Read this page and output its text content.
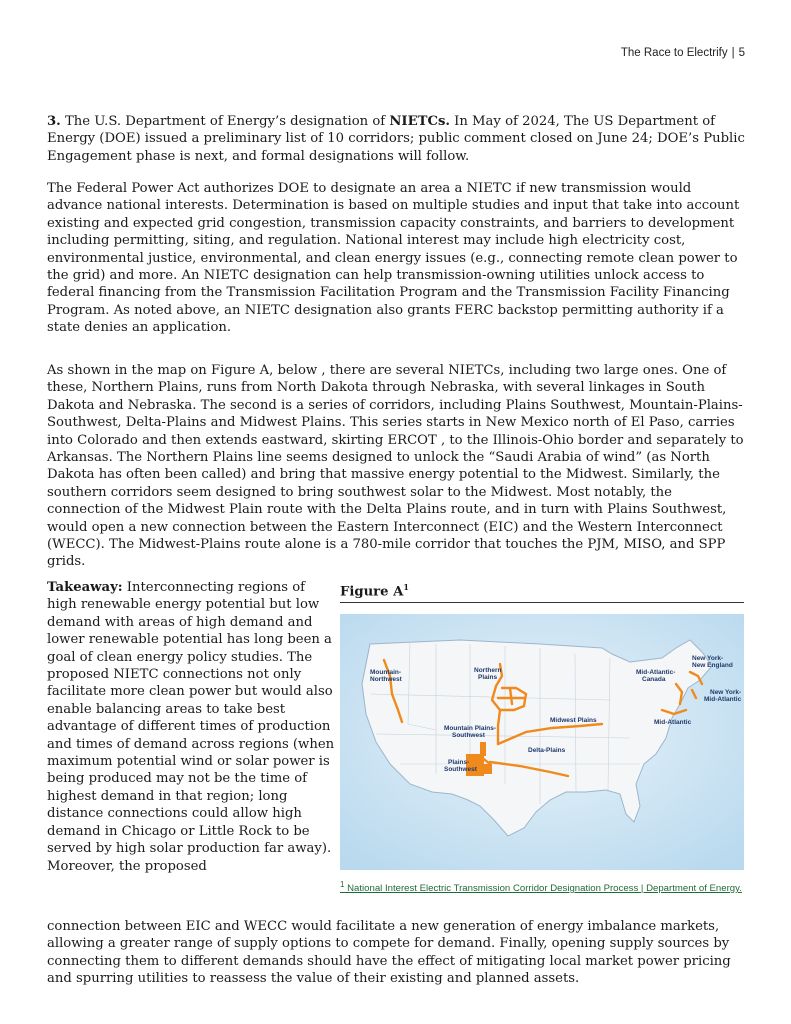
The Race to Electrify | 5

3. The U.S. Department of Energy’s designation of NIETCs. In May of 2024, The US Department of Energy (DOE) issued a preliminary list of 10 corridors; public comment closed on June 24; DOE’s Public Engagement phase is next, and formal designations will follow.

The Federal Power Act authorizes DOE to designate an area a NIETC if new transmission would advance national interests. Determination is based on multiple studies and input that take into account existing and expected grid congestion, transmission capacity constraints, and barriers to development including permitting, siting, and regulation. National interest may include high electricity cost, environmental justice, environmental, and clean energy issues (e.g., connecting remote clean power to the grid) and more. An NIETC designation can help transmission-owning utilities unlock access to federal financing from the Transmission Facilitation Program and the Transmission Facility Financing Program. As noted above, an NIETC designation also grants FERC backstop permitting authority if a state denies an application.

As shown in the map on Figure A, below , there are several NIETCs, including two large ones. One of these, Northern Plains, runs from North Dakota through Nebraska, with several linkages in South Dakota and Nebraska. The second is a series of corridors, including Plains Southwest, Mountain-Plains-Southwest, Delta-Plains and Midwest Plains. This series starts in New Mexico north of El Paso, carries into Colorado and then extends eastward, skirting ERCOT , to the Illinois-Ohio border and separately to Arkansas. The Northern Plains line seems designed to unlock the “Saudi Arabia of wind” (as North Dakota has often been called) and bring that massive energy potential to the Midwest. Similarly, the southern corridors seem designed to bring southwest solar to the Midwest. Most notably, the connection of the Midwest Plain route with the Delta Plains route, and in turn with Plains Southwest, would open a new connection between the Eastern Interconnect (EIC) and the Western Interconnect (WECC). The Midwest-Plains route alone is a 780-mile corridor that touches the PJM, MISO, and SPP grids.

Takeaway: Interconnecting regions of high renewable energy potential but low demand with areas of high demand and lower renewable potential has long been a goal of clean energy policy studies. The proposed NIETC connections not only facilitate more clean power but would also enable balancing areas to take best advantage of different times of production and times of demand across regions (when maximum potential wind or solar power is being produced may not be the time of highest demand in that region; long distance connections could allow high demand in Chicago or Little Rock to be served by high solar production far away). Moreover, the proposed
connection between EIC and WECC would facilitate a new generation of energy imbalance markets, allowing a greater range of supply options to compete for demand. Finally, opening supply sources by connecting them to different demands should have the effect of mitigating local market power pricing and spurring utilities to reassess the value of their existing and planned assets.
Figure $A^1$
Mountain-Northwest
Northern Plains
Mid-Atlantic-Canada
New York-New England
New York-Mid-Atlantic
Midwest Plains	Mid-Atlantic
Mountain Plains-Southwest
Delta-Plains
Plains-Southwest
$^1$ National Interest Electric Transmission Corridor Designation Process | Department of Energy.
